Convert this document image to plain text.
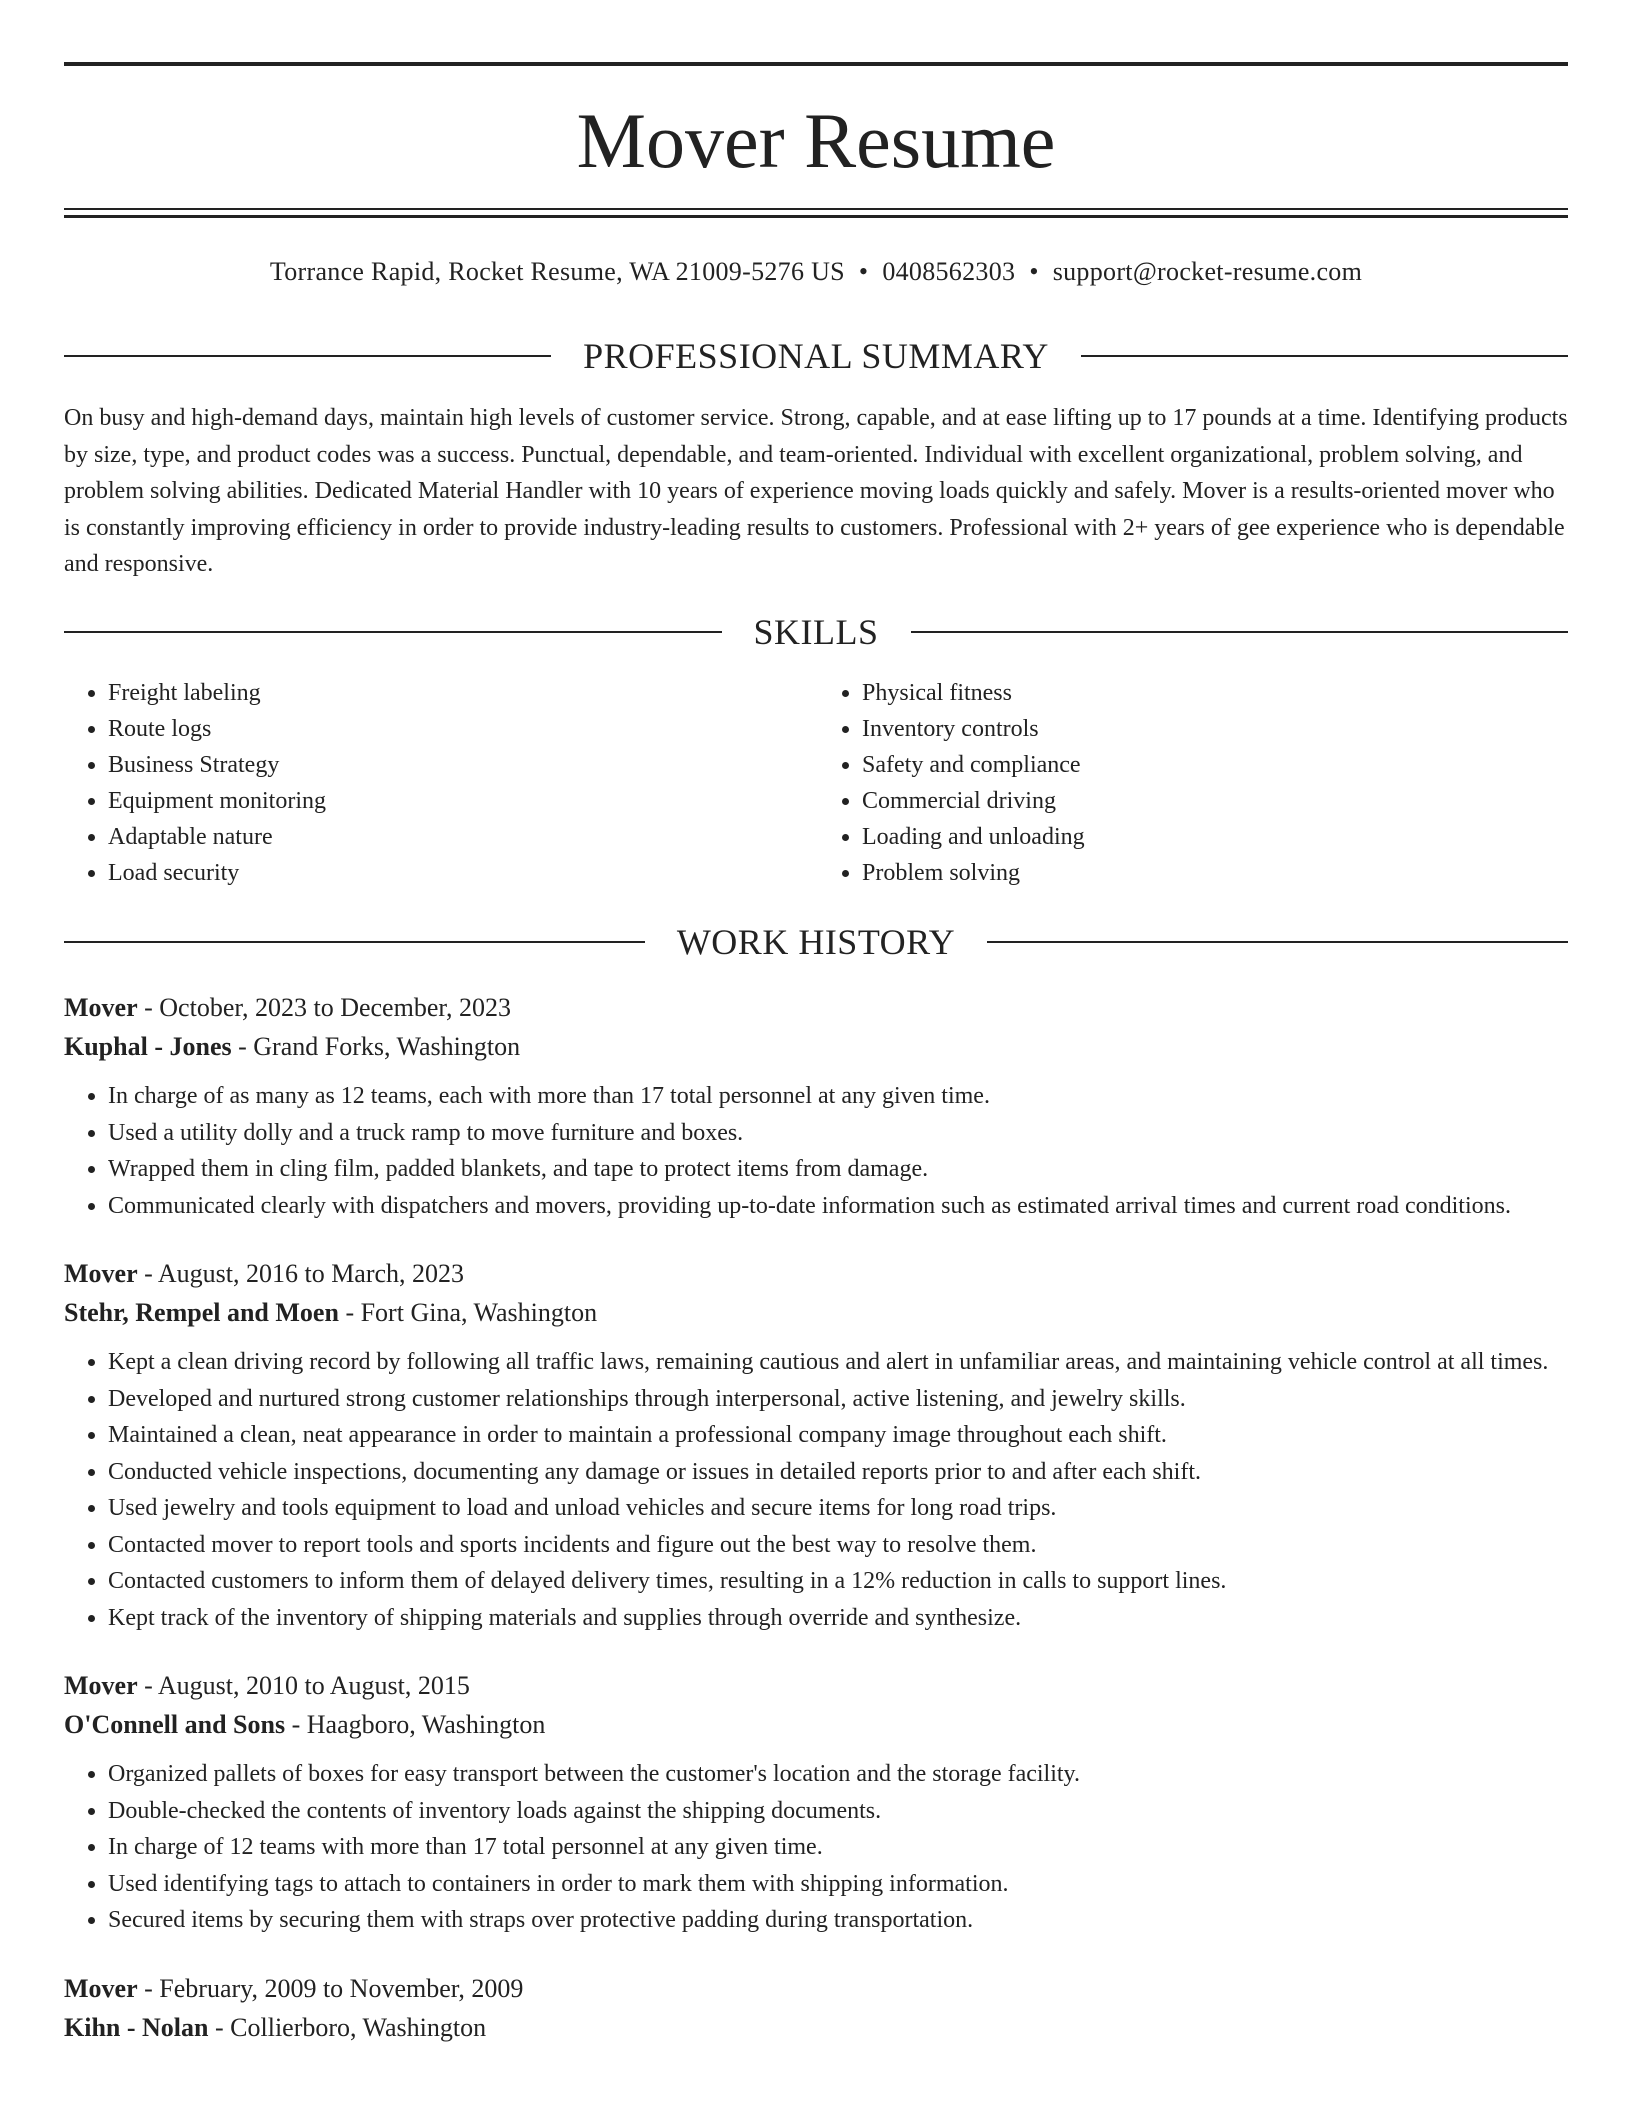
Mover Resume
Torrance Rapid, Rocket Resume, WA 21009-5276 US • 0408562303 • support@rocket-resume.com
PROFESSIONAL SUMMARY

On busy and high-demand days, maintain high levels of customer service. Strong, capable, and at ease lifting up to 17 pounds at a time. Identifying products by size, type, and product codes was a success. Punctual, dependable, and team-oriented. Individual with excellent organizational, problem solving, and problem solving abilities. Dedicated Material Handler with 10 years of experience moving loads quickly and safely. Mover is a results-oriented mover who is constantly improving efficiency in order to provide industry-leading results to customers. Professional with 2+ years of gee experience who is dependable and responsive.

SKILLS
• Freight labeling
• Route logs
• Business Strategy
• Equipment monitoring
• Adaptable nature
• Load security
• Physical fitness
• Inventory controls
• Safety and compliance
• Commercial driving
• Loading and unloading
• Problem solving
WORK HISTORY
Mover - October, 2023 to December, 2023
Kuphal - Jones - Grand Forks, Washington
• In charge of as many as 12 teams, each with more than 17 total personnel at any given time.
• Used a utility dolly and a truck ramp to move furniture and boxes.
• Wrapped them in cling film, padded blankets, and tape to protect items from damage.
• Communicated clearly with dispatchers and movers, providing up-to-date information such as estimated arrival times and current road conditions.
Mover - August, 2016 to March, 2023
Stehr, Rempel and Moen - Fort Gina, Washington
• Kept a clean driving record by following all traffic laws, remaining cautious and alert in unfamiliar areas, and maintaining vehicle control at all times.
• Developed and nurtured strong customer relationships through interpersonal, active listening, and jewelry skills.
• Maintained a clean, neat appearance in order to maintain a professional company image throughout each shift.
• Conducted vehicle inspections, documenting any damage or issues in detailed reports prior to and after each shift.
• Used jewelry and tools equipment to load and unload vehicles and secure items for long road trips.
• Contacted mover to report tools and sports incidents and figure out the best way to resolve them.
• Contacted customers to inform them of delayed delivery times, resulting in a 12% reduction in calls to support lines.
• Kept track of the inventory of shipping materials and supplies through override and synthesize.
Mover - August, 2010 to August, 2015
O'Connell and Sons - Haagboro, Washington
• Organized pallets of boxes for easy transport between the customer's location and the storage facility.
• Double-checked the contents of inventory loads against the shipping documents.
• In charge of 12 teams with more than 17 total personnel at any given time.
• Used identifying tags to attach to containers in order to mark them with shipping information.
• Secured items by securing them with straps over protective padding during transportation.
Mover - February, 2009 to November, 2009
Kihn - Nolan - Collierboro, Washington
